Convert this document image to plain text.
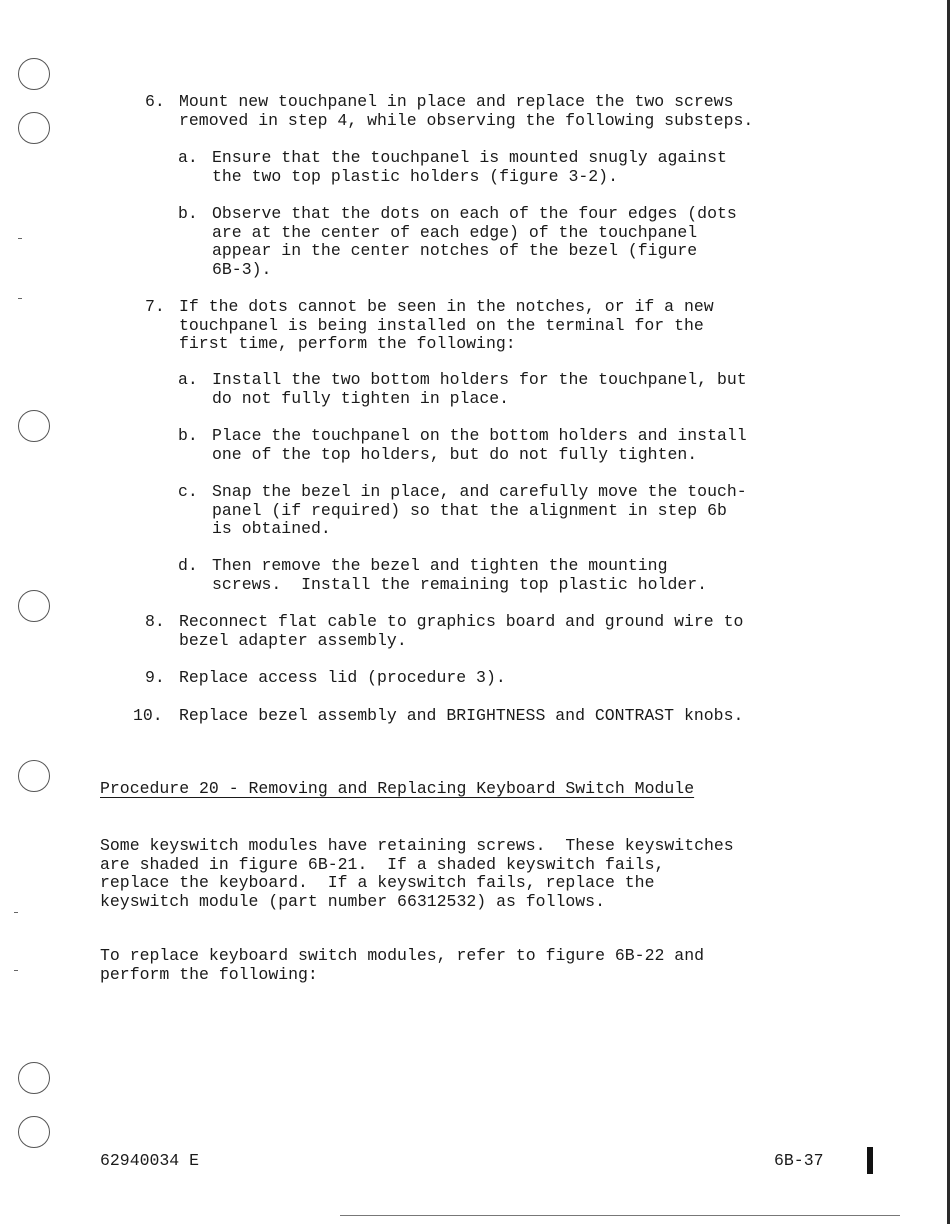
6. Mount new touchpanel in place and replace the two screws
removed in step 4, while observing the following substeps.

a. Ensure that the touchpanel is mounted snugly against
the two top plastic holders (figure 3-2).

b. Observe that the dots on each of the four edges (dots
are at the center of each edge) of the touchpanel
appear in the center notches of the bezel (figure
6B-3).

7. If the dots cannot be seen in the notches, or if a new
touchpanel is being installed on the terminal for the
first time, perform the following:

a. Install the two bottom holders for the touchpanel, but
do not fully tighten in place.

b. Place the touchpanel on the bottom holders and install
one of the top holders, but do not fully tighten.

c. Snap the bezel in place, and carefully move the touch-
panel (if required) so that the alignment in step 6b
is obtained.

d. Then remove the bezel and tighten the mounting
screws.  Install the remaining top plastic holder.

8. Reconnect flat cable to graphics board and ground wire to
bezel adapter assembly.

9. Replace access lid (procedure 3).

10. Replace bezel assembly and BRIGHTNESS and CONTRAST knobs.

Procedure 20 - Removing and Replacing Keyboard Switch Module

Some keyswitch modules have retaining screws.  These keyswitches
are shaded in figure 6B-21.  If a shaded keyswitch fails,
replace the keyboard.  If a keyswitch fails, replace the
keyswitch module (part number 66312532) as follows.

To replace keyboard switch modules, refer to figure 6B-22 and
perform the following:

62940034 E	6B-37
